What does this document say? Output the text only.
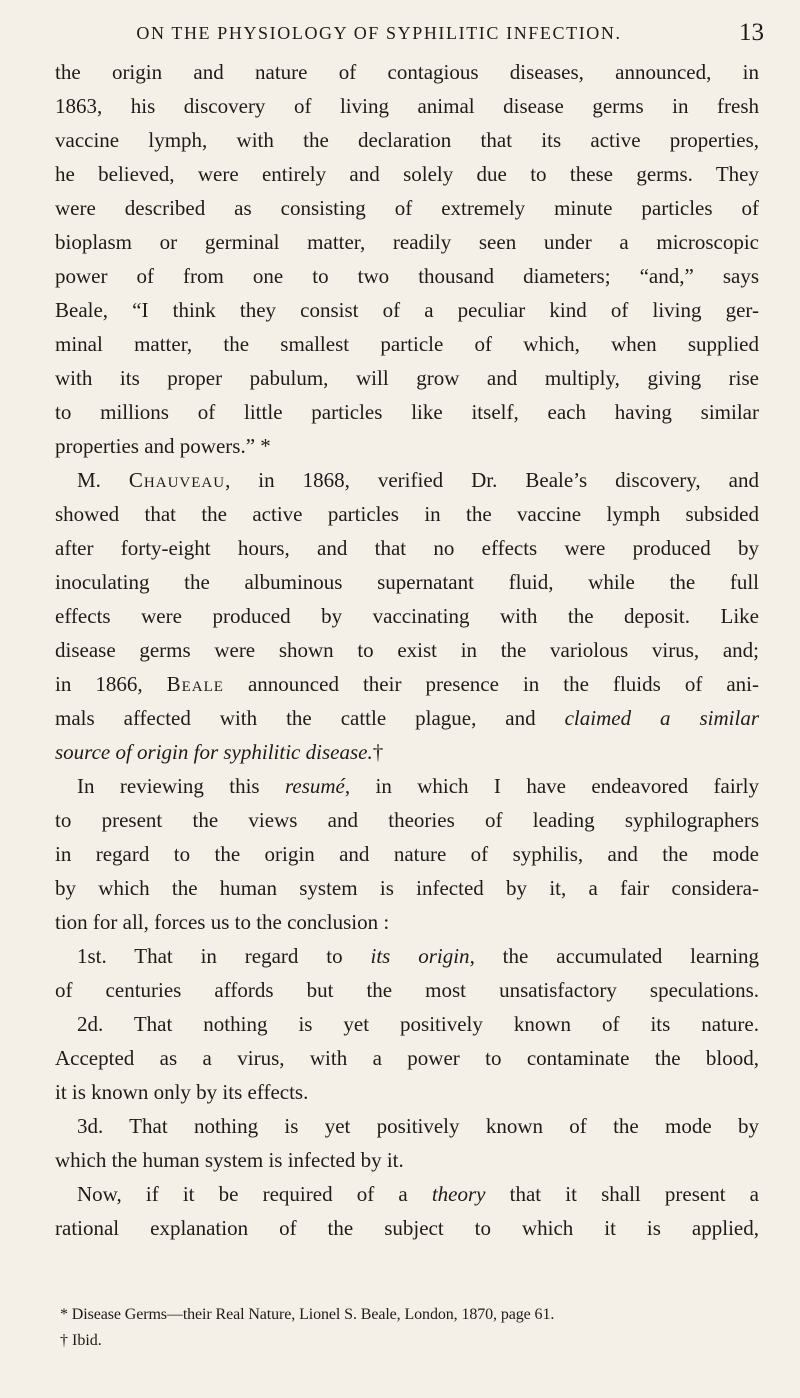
ON THE PHYSIOLOGY OF SYPHILITIC INFECTION.	13
the origin and nature of contagious diseases, announced, in
1863, his discovery of living animal disease germs in fresh
vaccine lymph, with the declaration that its active properties,
he believed, were entirely and solely due to these germs. They
were described as consisting of extremely minute particles of
bioplasm or germinal matter, readily seen under a microscopic
power of from one to two thousand diameters; “and,” says
Beale, “I think they consist of a peculiar kind of living ger-
minal matter, the smallest particle of which, when supplied
with its proper pabulum, will grow and multiply, giving rise
to millions of little particles like itself, each having similar
properties and powers.” *
M. Chauveau, in 1868, verified Dr. Beale’s discovery, and
showed that the active particles in the vaccine lymph subsided
after forty-eight hours, and that no effects were produced by
inoculating the albuminous supernatant fluid, while the full
effects were produced by vaccinating with the deposit. Like
disease germs were shown to exist in the variolous virus, and;
in 1866, Beale announced their presence in the fluids of ani-
mals affected with the cattle plague, and claimed a similar
source of origin for syphilitic disease.†
In reviewing this resumé, in which I have endeavored fairly
to present the views and theories of leading syphilographers
in regard to the origin and nature of syphilis, and the mode
by which the human system is infected by it, a fair considera-
tion for all, forces us to the conclusion :
1st. That in regard to its origin, the accumulated learning
of centuries affords but the most unsatisfactory speculations.
2d. That nothing is yet positively known of its nature.
Accepted as a virus, with a power to contaminate the blood,
it is known only by its effects.
3d. That nothing is yet positively known of the mode by
which the human system is infected by it.
Now, if it be required of a theory that it shall present a
rational explanation of the subject to which it is applied,
* Disease Germs—their Real Nature, Lionel S. Beale, London, 1870, page 61.
† Ibid.
